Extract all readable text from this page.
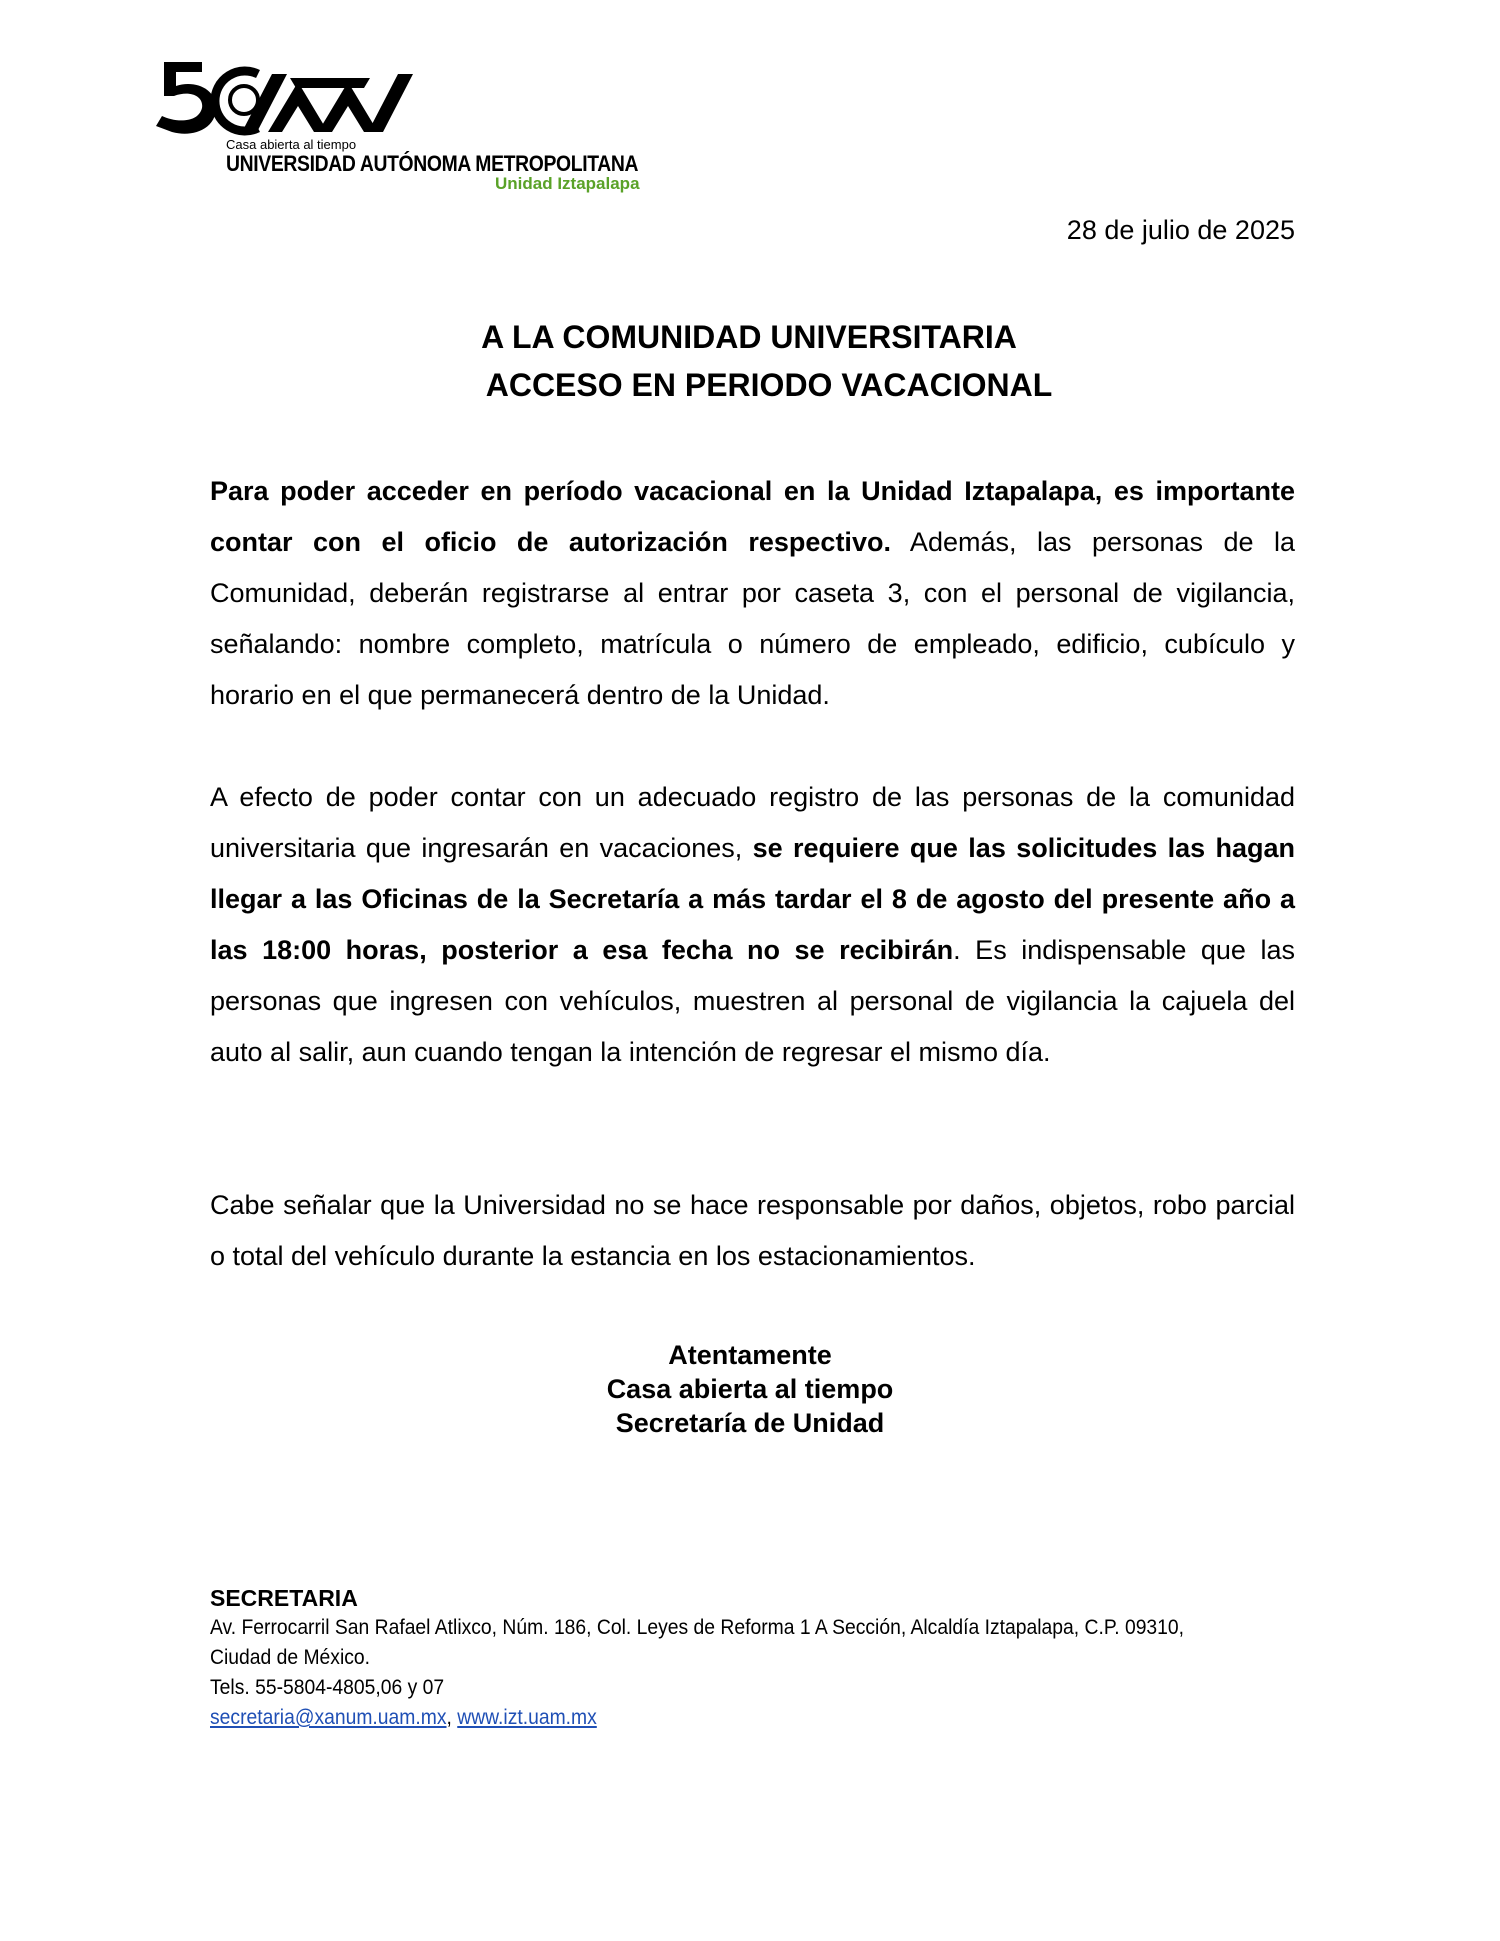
Casa abierta al tiempo
UNIVERSIDAD AUTÓNOMA METROPOLITANA
Unidad Iztapalapa
28 de julio de 2025
A LA COMUNIDAD UNIVERSITARIA
ACCESO EN PERIODO VACACIONAL

Para poder acceder en período vacacional en la Unidad Iztapalapa, es importante contar con el oficio de autorización respectivo. Además, las personas de la Comunidad, deberán registrarse al entrar por caseta 3, con el personal de vigilancia, señalando: nombre completo, matrícula o número de empleado, edificio, cubículo y horario en el que permanecerá dentro de la Unidad.

A efecto de poder contar con un adecuado registro de las personas de la comunidad universitaria que ingresarán en vacaciones, se requiere que las solicitudes las hagan llegar a las Oficinas de la Secretaría a más tardar el 8 de agosto del presente año a las 18:00 horas, posterior a esa fecha no se recibirán. Es indispensable que las personas que ingresen con vehículos, muestren al personal de vigilancia la cajuela del auto al salir, aun cuando tengan la intención de regresar el mismo día.

Cabe señalar que la Universidad no se hace responsable por daños, objetos, robo parcial o total del vehículo durante la estancia en los estacionamientos.

Atentamente
Casa abierta al tiempo
Secretaría de Unidad
SECRETARIA
Av. Ferrocarril San Rafael Atlixco, Núm. 186, Col. Leyes de Reforma 1 A Sección, Alcaldía Iztapalapa, C.P. 09310,
Ciudad de México.
Tels. 55-5804-4805,06 y 07
secretaria@xanum.uam.mx, www.izt.uam.mx
